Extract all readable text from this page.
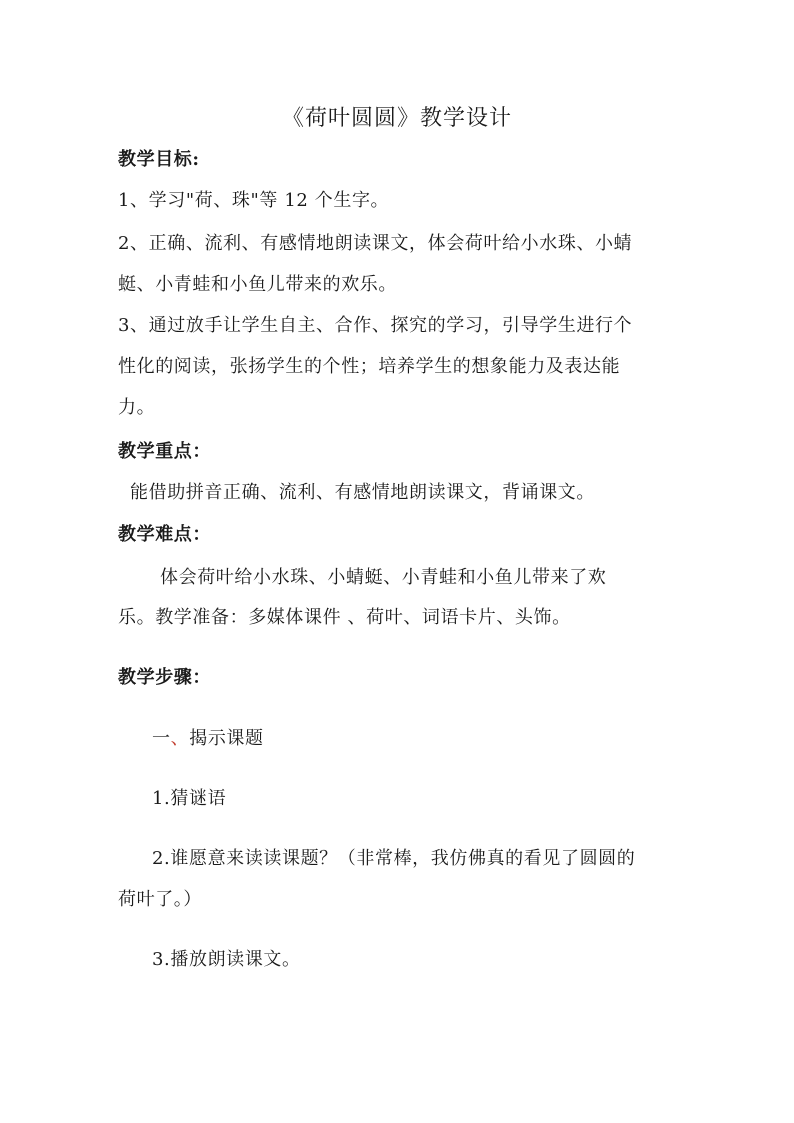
《荷叶圆圆》教学设计
教学目标:
1、学习"荷、珠"等 12 个生字。
2、正确、流利、有感情地朗读课文，体会荷叶给小水珠、小蜻
蜓、小青蛙和小鱼儿带来的欢乐。
3、通过放手让学生自主、合作、探究的学习，引导学生进行个
性化的阅读，张扬学生的个性；培养学生的想象能力及表达能
力。
教学重点：
能借助拼音正确、流利、有感情地朗读课文，背诵课文。
教学难点：
体会荷叶给小水珠、小蜻蜓、小青蛙和小鱼儿带来了欢
乐。教学准备：多媒体课件 、荷叶、词语卡片、头饰。
教学步骤：
一、揭示课题
1.猜谜语
2.谁愿意来读读课题？（非常棒，我仿佛真的看见了圆圆的
荷叶了。）
3.播放朗读课文。
